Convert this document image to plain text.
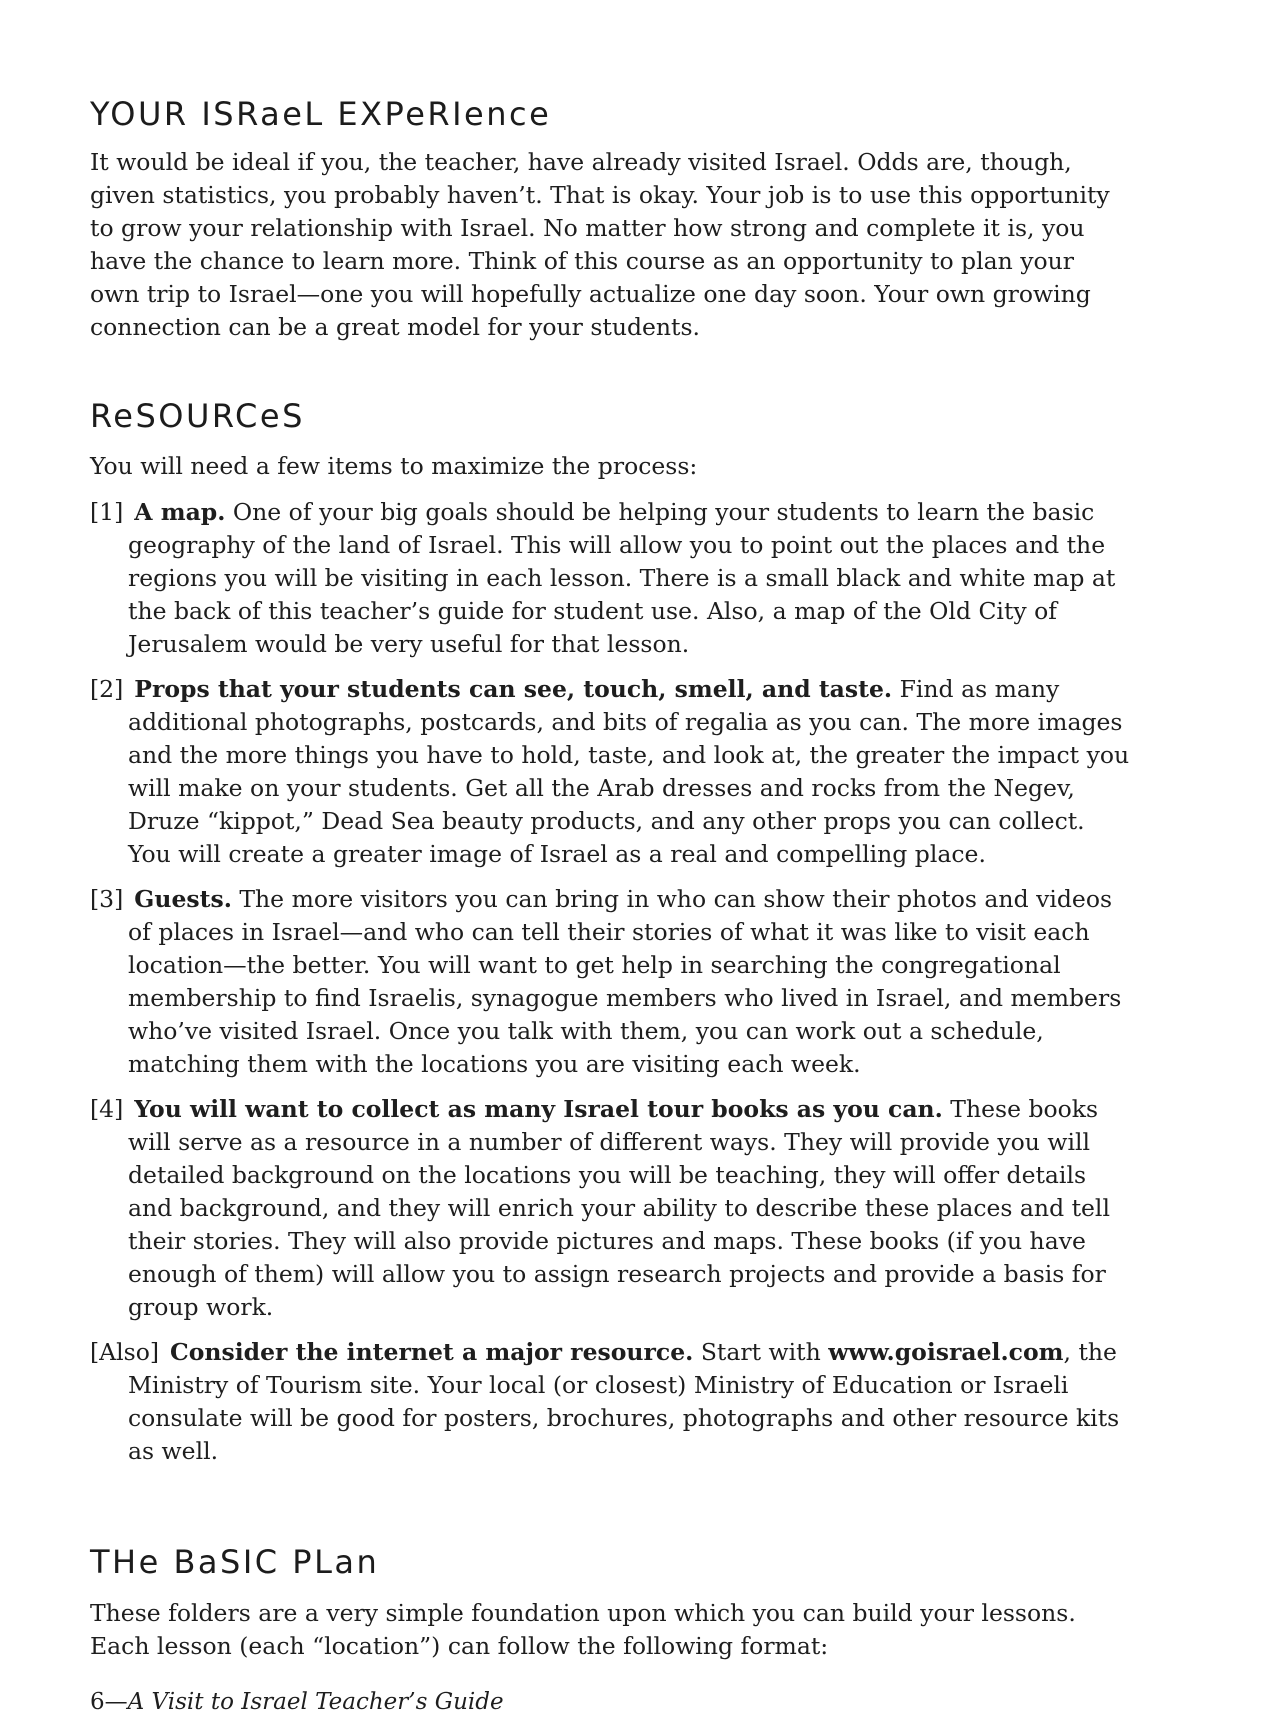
YOUR ISRaeL EXPeRIence

It would be ideal if you, the teacher, have already visited Israel. Odds are, though, given statistics, you probably haven’t. That is okay. Your job is to use this opportunity to grow your relationship with Israel. No matter how strong and complete it is, you have the chance to learn more. Think of this course as an opportunity to plan your own trip to Israel—one you will hopefully actualize one day soon. Your own growing connection can be a great model for your students.

ReSOURCeS

You will need a few items to maximize the process:

[1] A map. One of your big goals should be helping your students to learn the basic geography of the land of Israel. This will allow you to point out the places and the regions you will be visiting in each lesson. There is a small black and white map at the back of this teacher’s guide for student use. Also, a map of the Old City of Jerusalem would be very useful for that lesson.
[2] Props that your students can see, touch, smell, and taste. Find as many additional photographs, postcards, and bits of regalia as you can. The more images and the more things you have to hold, taste, and look at, the greater the impact you will make on your students. Get all the Arab dresses and rocks from the Negev, Druze “kippot,” Dead Sea beauty products, and any other props you can collect. You will create a greater image of Israel as a real and compelling place.
[3] Guests. The more visitors you can bring in who can show their photos and videos of places in Israel—and who can tell their stories of what it was like to visit each location—the better. You will want to get help in searching the congregational membership to find Israelis, synagogue members who lived in Israel, and members who’ve visited Israel. Once you talk with them, you can work out a schedule, matching them with the locations you are visiting each week.
[4] You will want to collect as many Israel tour books as you can. These books will serve as a resource in a number of different ways. They will provide you will detailed background on the locations you will be teaching, they will offer details and background, and they will enrich your ability to describe these places and tell their stories. They will also provide pictures and maps. These books (if you have enough of them) will allow you to assign research projects and provide a basis for group work.
[Also] Consider the internet a major resource. Start with www.goisrael.com, the Ministry of Tourism site. Your local (or closest) Ministry of Education or Israeli consulate will be good for posters, brochures, photographs and other resource kits as well.
THe BaSIC PLan

These folders are a very simple foundation upon which you can build your lessons. Each lesson (each “location”) can follow the following format:

6—A Visit to Israel Teacher’s Guide
